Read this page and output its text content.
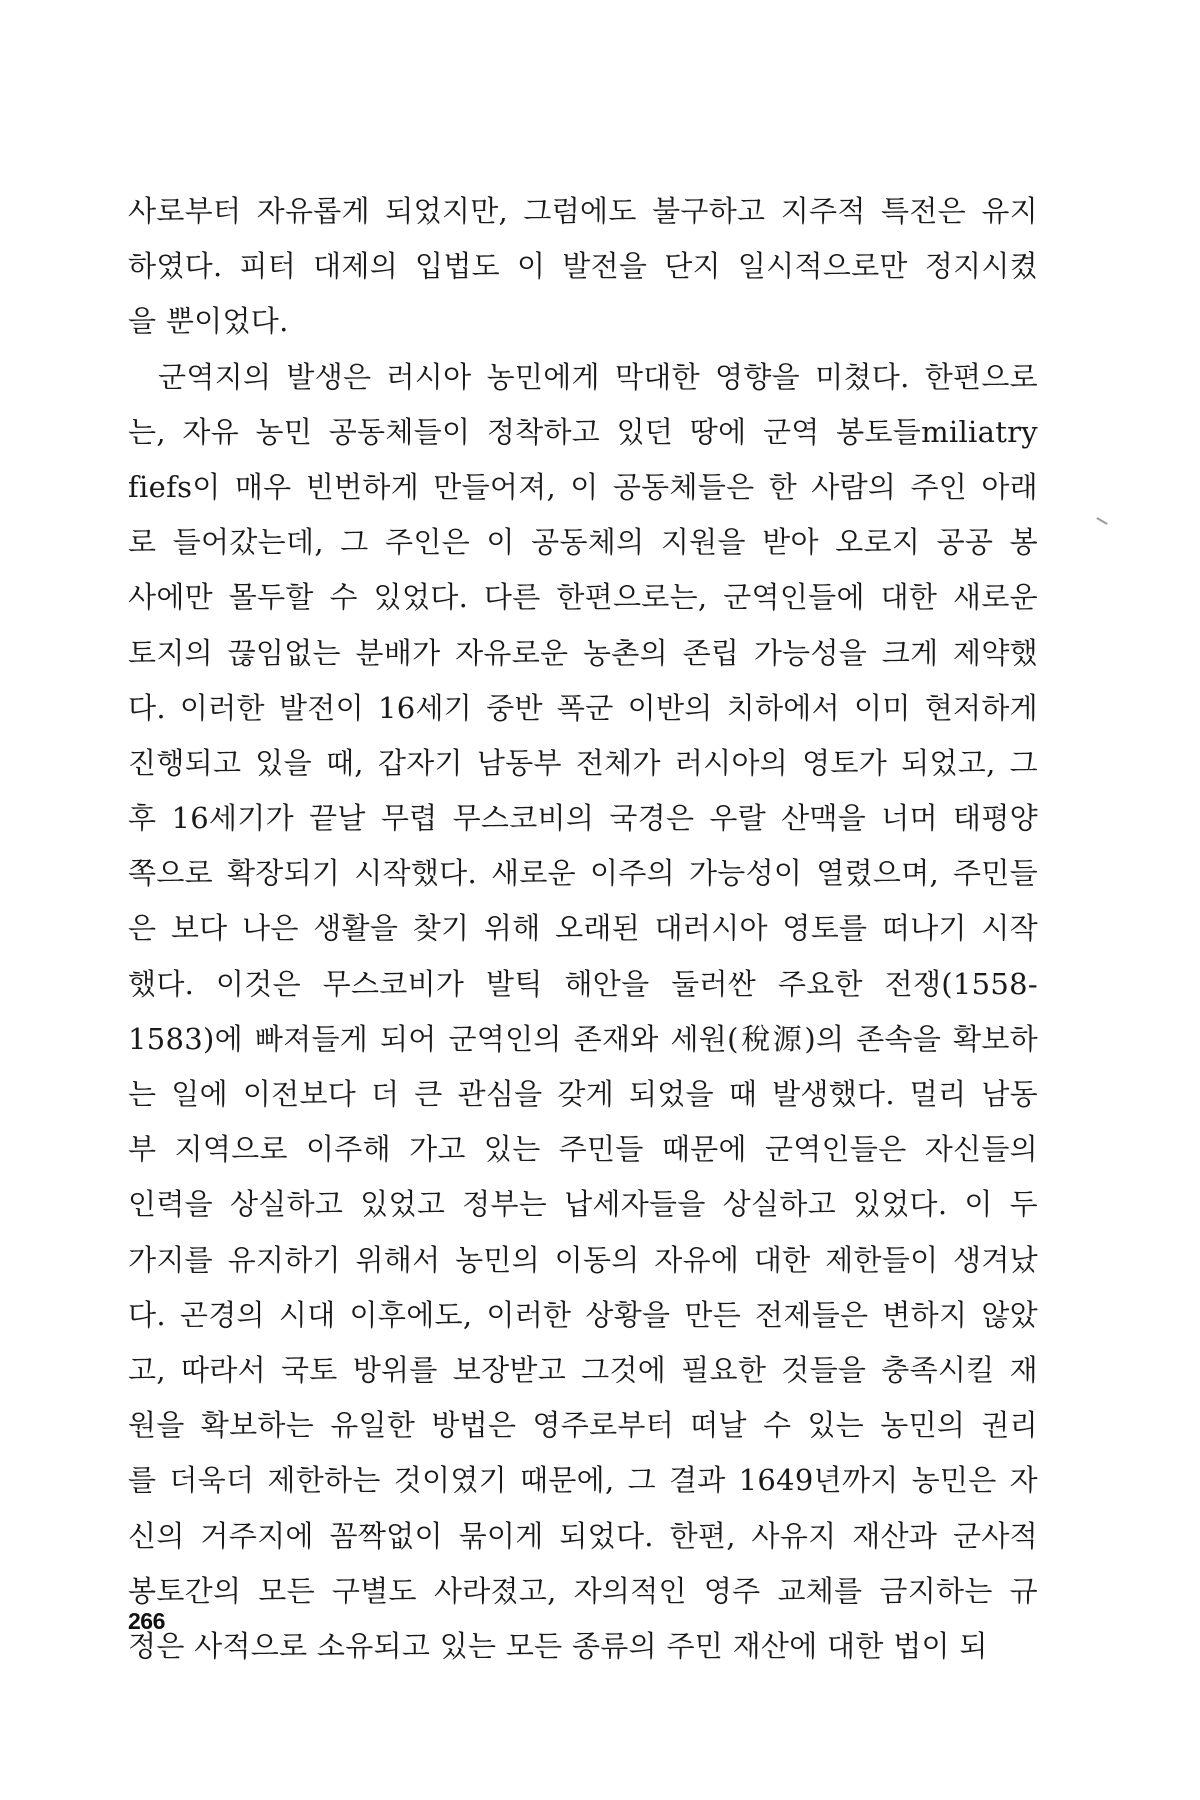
사로부터 자유롭게 되었지만, 그럼에도 불구하고 지주적 특전은 유지
하였다. 피터 대제의 입법도 이 발전을 단지 일시적으로만 정지시켰
을 뿐이었다.
군역지의 발생은 러시아 농민에게 막대한 영향을 미쳤다. 한편으로
는, 자유 농민 공동체들이 정착하고 있던 땅에 군역 봉토들miliatry
fiefs이 매우 빈번하게 만들어져, 이 공동체들은 한 사람의 주인 아래
로 들어갔는데, 그 주인은 이 공동체의 지원을 받아 오로지 공공 봉
사에만 몰두할 수 있었다. 다른 한편으로는, 군역인들에 대한 새로운
토지의 끊임없는 분배가 자유로운 농촌의 존립 가능성을 크게 제약했
다. 이러한 발전이 16세기 중반 폭군 이반의 치하에서 이미 현저하게
진행되고 있을 때, 갑자기 남동부 전체가 러시아의 영토가 되었고, 그
후 16세기가 끝날 무렵 무스코비의 국경은 우랄 산맥을 너머 태평양
쪽으로 확장되기 시작했다. 새로운 이주의 가능성이 열렸으며, 주민들
은 보다 나은 생활을 찾기 위해 오래된 대러시아 영토를 떠나기 시작
했다. 이것은 무스코비가 발틱 해안을 둘러싼 주요한 전쟁(1558-
1583)에 빠져들게 되어 군역인의 존재와 세원(稅源)의 존속을 확보하
는 일에 이전보다 더 큰 관심을 갖게 되었을 때 발생했다. 멀리 남동
부 지역으로 이주해 가고 있는 주민들 때문에 군역인들은 자신들의
인력을 상실하고 있었고 정부는 납세자들을 상실하고 있었다. 이 두
가지를 유지하기 위해서 농민의 이동의 자유에 대한 제한들이 생겨났
다. 곤경의 시대 이후에도, 이러한 상황을 만든 전제들은 변하지 않았
고, 따라서 국토 방위를 보장받고 그것에 필요한 것들을 충족시킬 재
원을 확보하는 유일한 방법은 영주로부터 떠날 수 있는 농민의 권리
를 더욱더 제한하는 것이였기 때문에, 그 결과 1649년까지 농민은 자
신의 거주지에 꼼짝없이 묶이게 되었다. 한편, 사유지 재산과 군사적
봉토간의 모든 구별도 사라졌고, 자의적인 영주 교체를 금지하는 규
정은 사적으로 소유되고 있는 모든 종류의 주민 재산에 대한 법이 되
266
